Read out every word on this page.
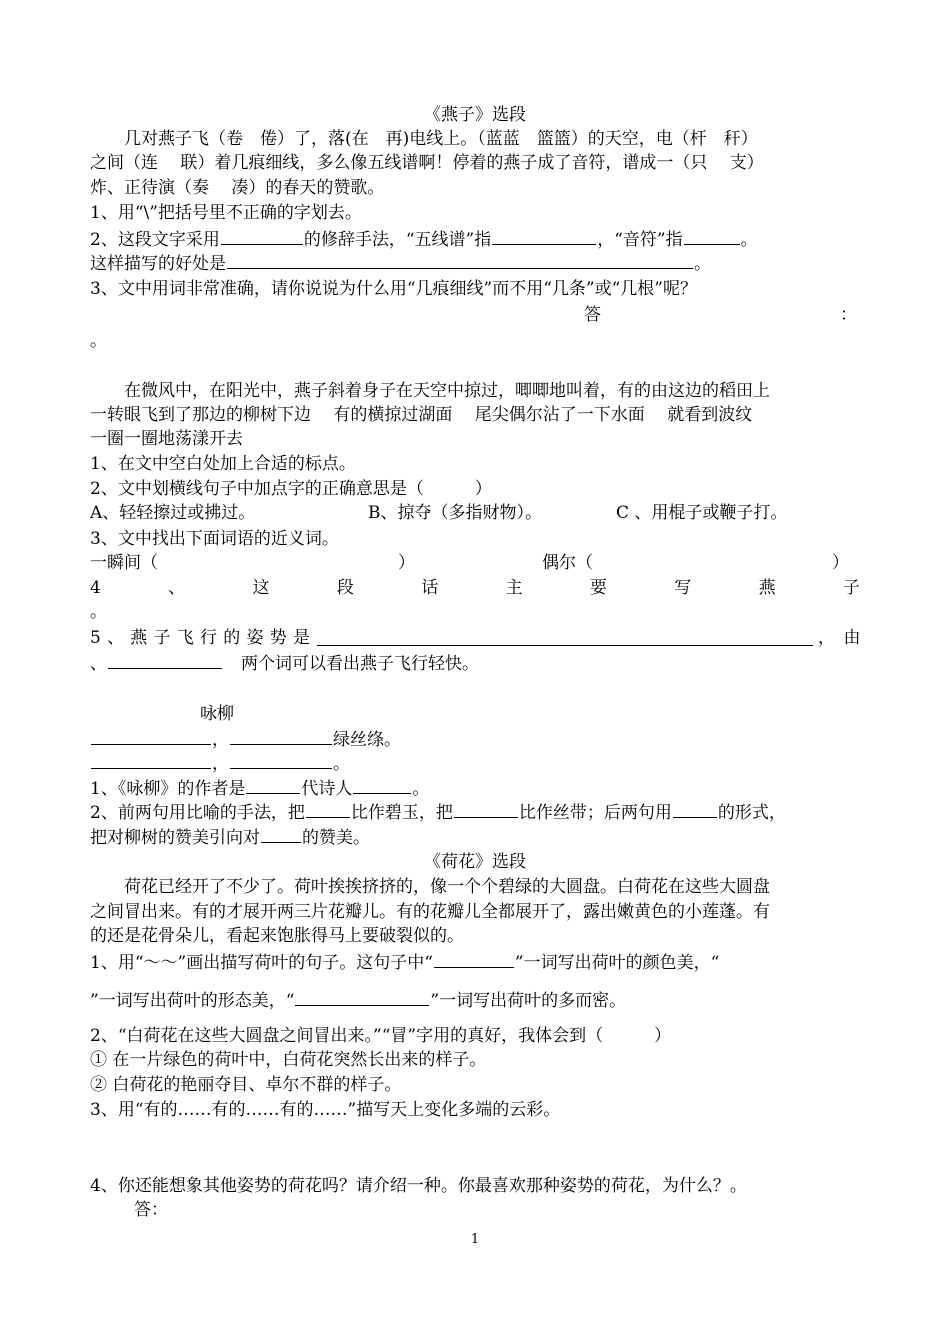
《燕子》选段
几对燕子飞（卷　倦）了，落(在　再)电线上。（蓝蓝　篮篮）的天空，电（杆　秆）
之间（连　 联）着几痕细线，多么像五线谱啊！停着的燕子成了音符，谱成一（只　 支）
炸、正待演（奏　 凑）的春天的赞歌。
1、用“\”把括号里不正确的字划去。
2、这段文字采用	的修辞手法，“五线谱”指	，“音符”指	。
这样描写的好处是	。
3、文中用词非常准确，请你说说为什么用“几痕细线”而不用“几条”或“几根”呢？
答	：
。
在微风中，在阳光中，燕子斜着身子在天空中掠过，唧唧地叫着，有的由这边的稻田上
一转眼飞到了那边的柳树下边　 有的横掠过湖面　 尾尖偶尔沾了一下水面　 就看到波纹
一圈一圈地荡漾开去
1、在文中空白处加上合适的标点。
2、文中划横线句子中加点字的正确意思是（　　　）
A、轻轻擦过或拂过。	B、掠夺（多指财物）。	C 、用棍子或鞭子打。
3、文中找出下面词语的近义词。
一瞬间（	）	偶尔（	）
4	、	这	段	话	主	要	写	燕	子
。
5 、 燕 子 飞 行 的 姿 势 是	，　由
、	两个词可以看出燕子飞行轻快。
咏柳
，	绿丝绦。
，	。
1、《咏柳》的作者是	代诗人	。
2、前两句用比喻的手法，把	比作碧玉，把	比作丝带；后两句用	的形式，
把对柳树的赞美引向对 的赞美。
《荷花》选段
荷花已经开了不少了。荷叶挨挨挤挤的，像一个个碧绿的大圆盘。白荷花在这些大圆盘
之间冒出来。有的才展开两三片花瓣儿。有的花瓣儿全都展开了，露出嫩黄色的小莲蓬。有
的还是花骨朵儿，看起来饱胀得马上要破裂似的。
1、用“～～”画出描写荷叶的句子。这句子中“	”一词写出荷叶的颜色美，“
”一词写出荷叶的形态美，“	”一词写出荷叶的多而密。
2、“白荷花在这些大圆盘之间冒出来。”“冒”字用的真好，我体会到（　　　）
① 在一片绿色的荷叶中，白荷花突然长出来的样子。
② 白荷花的艳丽夺目、卓尔不群的样子。
3、用“有的……有的……有的……”描写天上变化多端的云彩。
4、你还能想象其他姿势的荷花吗？请介绍一种。你最喜欢那种姿势的荷花，为什么？。
答：
1
